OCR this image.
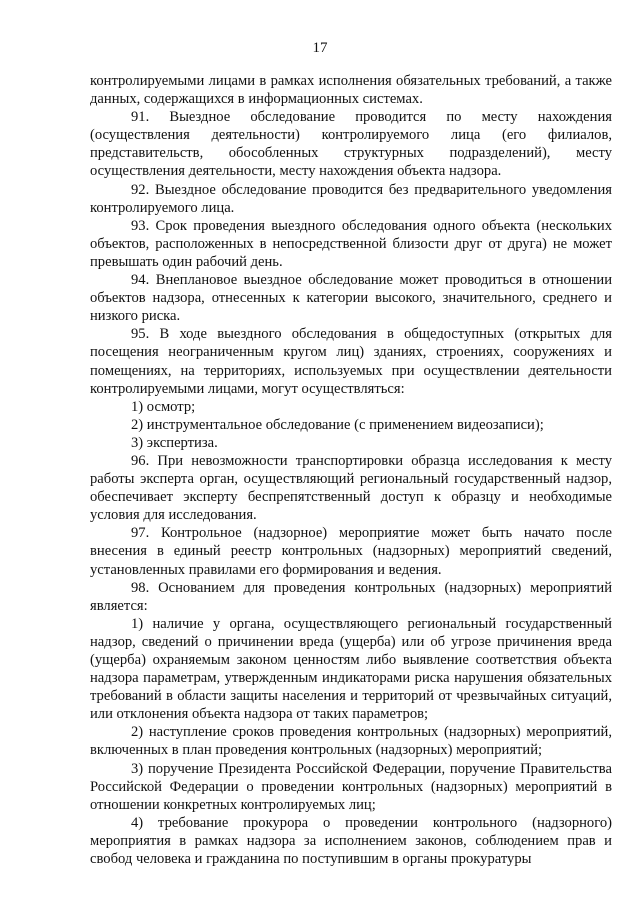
17

контролируемыми лицами в рамках исполнения обязательных требований, а также данных, содержащихся в информационных системах.

91. Выездное обследование проводится по месту нахождения (осуществления деятельности) контролируемого лица (его филиалов, представительств, обособленных структурных подразделений), месту осуществления деятельности, месту нахождения объекта надзора.

92. Выездное обследование проводится без предварительного уведомления контролируемого лица.

93. Срок проведения выездного обследования одного объекта (нескольких объектов, расположенных в непосредственной близости друг от друга) не может превышать один рабочий день.

94. Внеплановое выездное обследование может проводиться в отношении объектов надзора, отнесенных к категории высокого, значительного, среднего и низкого риска.

95. В ходе выездного обследования в общедоступных (открытых для посещения неограниченным кругом лиц) зданиях, строениях, сооружениях и помещениях, на территориях, используемых при осуществлении деятельности контролируемыми лицами, могут осуществляться:

1) осмотр;

2) инструментальное обследование (с применением видеозаписи);

3) экспертиза.

96. При невозможности транспортировки образца исследования к месту работы эксперта орган, осуществляющий региональный государственный надзор, обеспечивает эксперту беспрепятственный доступ к образцу и необходимые условия для исследования.

97. Контрольное (надзорное) мероприятие может быть начато после внесения в единый реестр контрольных (надзорных) мероприятий сведений, установленных правилами его формирования и ведения.

98. Основанием для проведения контрольных (надзорных) мероприятий является:

1) наличие у органа, осуществляющего региональный государственный надзор, сведений о причинении вреда (ущерба) или об угрозе причинения вреда (ущерба) охраняемым законом ценностям либо выявление соответствия объекта надзора параметрам, утвержденным индикаторами риска нарушения обязательных требований в области защиты населения и территорий от чрезвычайных ситуаций, или отклонения объекта надзора от таких параметров;

2) наступление сроков проведения контрольных (надзорных) мероприятий, включенных в план проведения контрольных (надзорных) мероприятий;

3) поручение Президента Российской Федерации, поручение Правительства Российской Федерации о проведении контрольных (надзорных) мероприятий в отношении конкретных контролируемых лиц;

4) требование прокурора о проведении контрольного (надзорного) мероприятия в рамках надзора за исполнением законов, соблюдением прав и свобод человека и гражданина по поступившим в органы прокуратуры
